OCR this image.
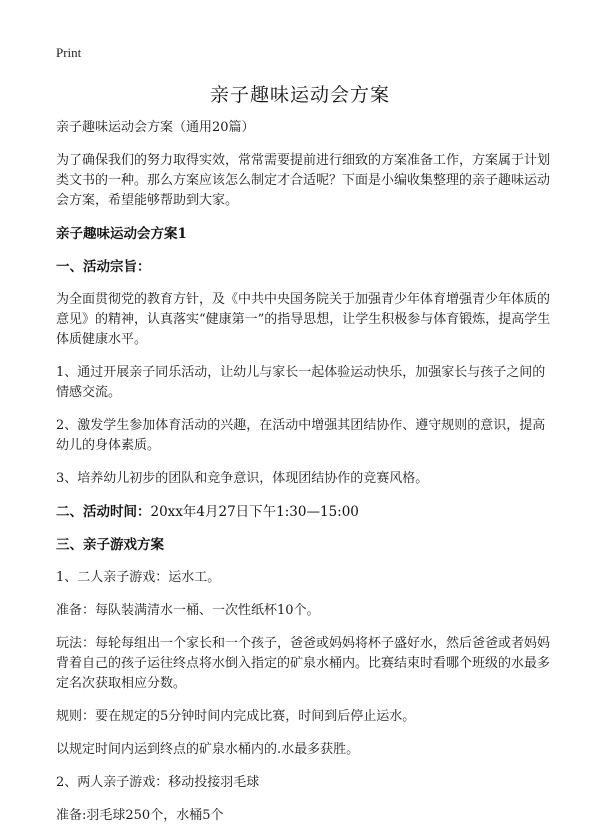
Print
亲子趣味运动会方案

亲子趣味运动会方案（通用20篇）

为了确保我们的努力取得实效，常常需要提前进行细致的方案准备工作，方案属于计划类文书的一种。那么方案应该怎么制定才合适呢？下面是小编收集整理的亲子趣味运动会方案，希望能够帮助到大家。

亲子趣味运动会方案1

一、活动宗旨：

为全面贯彻党的教育方针，及《中共中央国务院关于加强青少年体育增强青少年体质的意见》的精神，认真落实“健康第一”的指导思想，让学生积极参与体育锻炼，提高学生体质健康水平。

1、通过开展亲子同乐活动，让幼儿与家长一起体验运动快乐，加强家长与孩子之间的情感交流。

2、激发学生参加体育活动的兴趣，在活动中增强其团结协作、遵守规则的意识，提高幼儿的身体素质。

3、培养幼儿初步的团队和竞争意识，体现团结协作的竞赛风格。

二、活动时间：20xx年4月27日下午1:30—15:00

三、亲子游戏方案

1、二人亲子游戏：运水工。

准备：每队装满清水一桶、一次性纸杯10个。

玩法：每轮每组出一个家长和一个孩子，爸爸或妈妈将杯子盛好水，然后爸爸或者妈妈背着自己的孩子运往终点将水倒入指定的矿泉水桶内。比赛结束时看哪个班级的水最多定名次获取相应分数。

规则：要在规定的5分钟时间内完成比赛，时间到后停止运水。

以规定时间内运到终点的矿泉水桶内的.水最多获胜。

2、两人亲子游戏：移动投接羽毛球

准备:羽毛球250个，水桶5个
